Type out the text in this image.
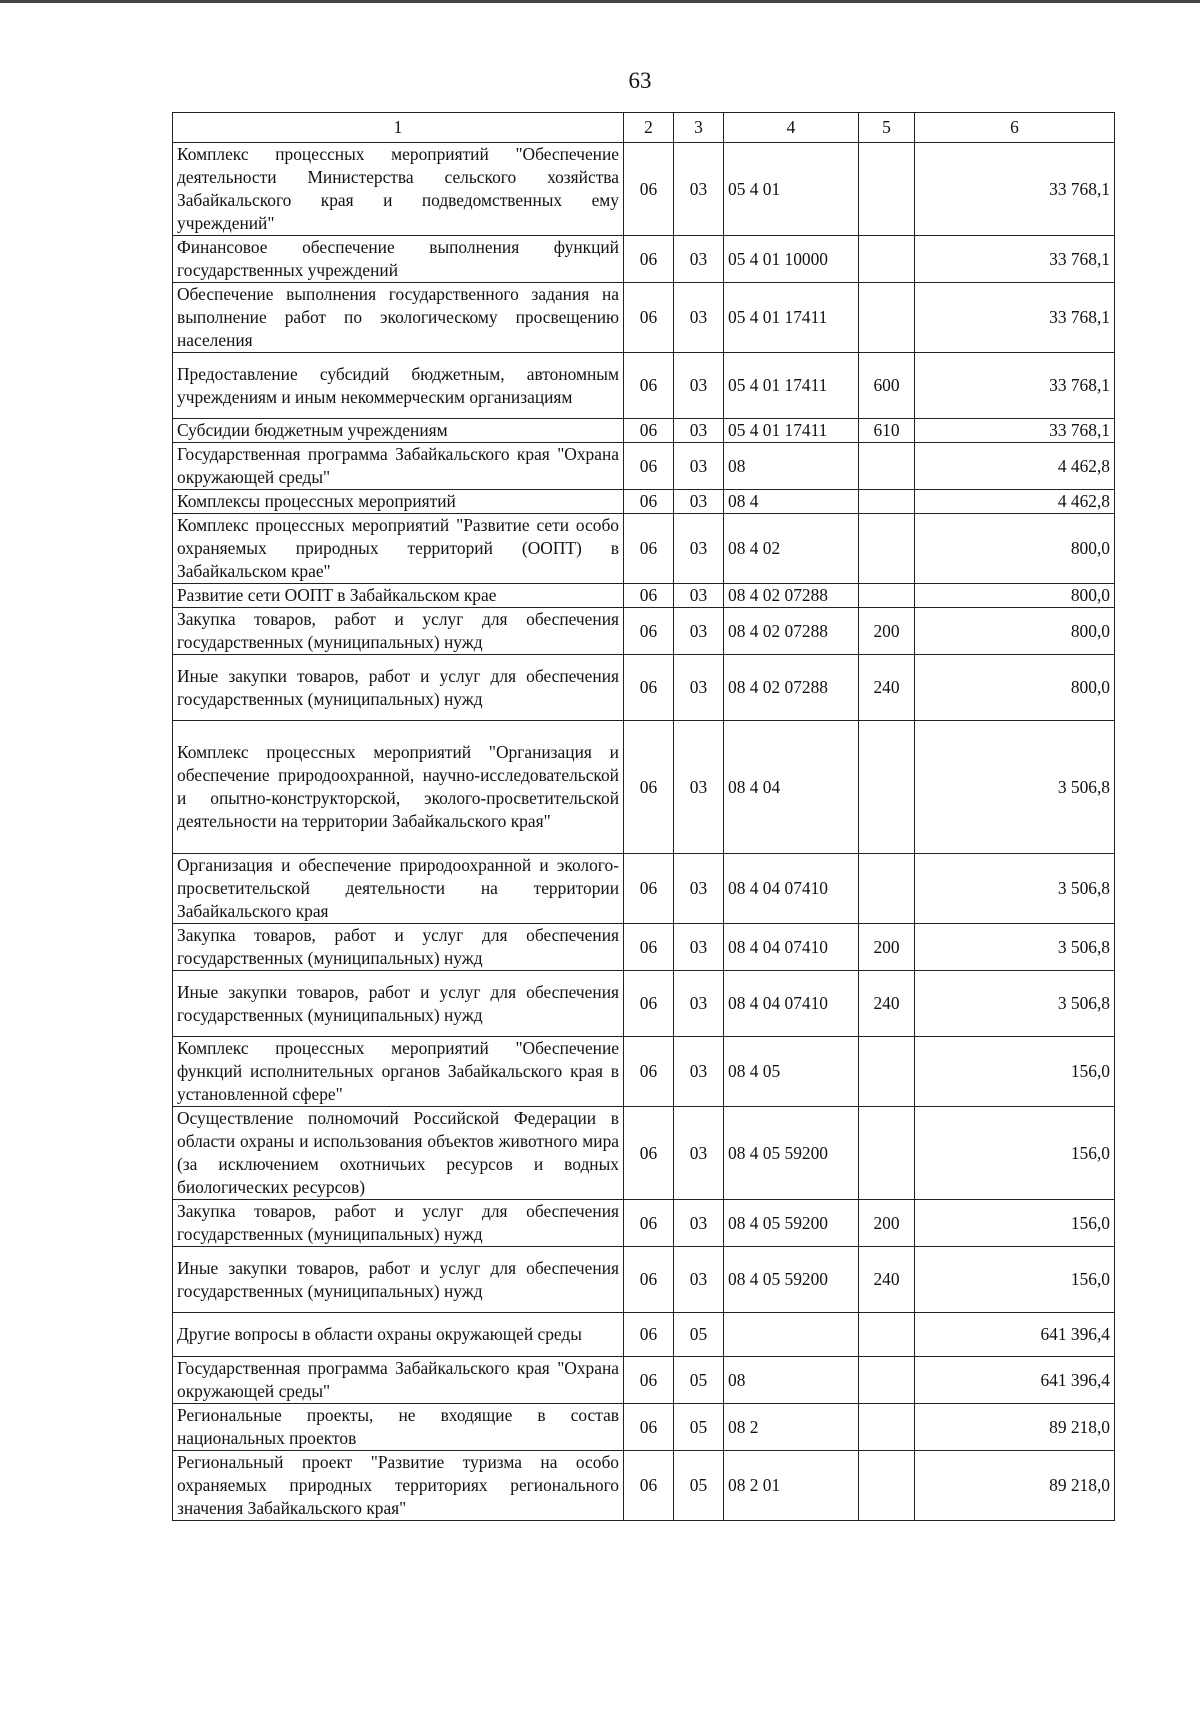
63
1	2	3	4	5	6
Комплекс процессных мероприятий "Обеспечение деятельности Министерства сельского хозяйства Забайкальского края и подведомственных ему учреждений"	06	03	05 4 01		33 768,1
Финансовое обеспечение выполнения функций государственных учреждений	06	03	05 4 01 10000		33 768,1
Обеспечение выполнения государственного задания на выполнение работ по экологическому просвещению населения	06	03	05 4 01 17411		33 768,1
Предоставление субсидий бюджетным, автономным учреждениям и иным некоммерческим организациям	06	03	05 4 01 17411	600	33 768,1
Субсидии бюджетным учреждениям	06	03	05 4 01 17411	610	33 768,1
Государственная программа Забайкальского края "Охрана окружающей среды"	06	03	08		4 462,8
Комплексы процессных мероприятий	06	03	08 4		4 462,8
Комплекс процессных мероприятий "Развитие сети особо охраняемых природных территорий (ООПТ) в Забайкальском крае"	06	03	08 4 02		800,0
Развитие сети ООПТ в Забайкальском крае	06	03	08 4 02 07288		800,0
Закупка товаров, работ и услуг для обеспечения государственных (муниципальных) нужд	06	03	08 4 02 07288	200	800,0
Иные закупки товаров, работ и услуг для обеспечения государственных (муниципальных) нужд	06	03	08 4 02 07288	240	800,0
Комплекс процессных мероприятий "Организация и обеспечение природоохранной, научно-исследовательской и опытно-конструкторской, эколого-просветительской деятельности на территории Забайкальского края"	06	03	08 4 04		3 506,8
Организация и обеспечение природоохранной и эколого-просветительской деятельности на территории Забайкальского края	06	03	08 4 04 07410		3 506,8
Закупка товаров, работ и услуг для обеспечения государственных (муниципальных) нужд	06	03	08 4 04 07410	200	3 506,8
Иные закупки товаров, работ и услуг для обеспечения государственных (муниципальных) нужд	06	03	08 4 04 07410	240	3 506,8
Комплекс процессных мероприятий "Обеспечение функций исполнительных органов Забайкальского края в установленной сфере"	06	03	08 4 05		156,0
Осуществление полномочий Российской Федерации в области охраны и использования объектов животного мира (за исключением охотничьих ресурсов и водных биологических ресурсов)	06	03	08 4 05 59200		156,0
Закупка товаров, работ и услуг для обеспечения государственных (муниципальных) нужд	06	03	08 4 05 59200	200	156,0
Иные закупки товаров, работ и услуг для обеспечения государственных (муниципальных) нужд	06	03	08 4 05 59200	240	156,0
Другие вопросы в области охраны окружающей среды	06	05			641 396,4
Государственная программа Забайкальского края "Охрана окружающей среды"	06	05	08		641 396,4
Региональные проекты, не входящие в состав национальных проектов	06	05	08 2		89 218,0
Региональный проект "Развитие туризма на особо охраняемых природных территориях регионального значения Забайкальского края"	06	05	08 2 01		89 218,0
